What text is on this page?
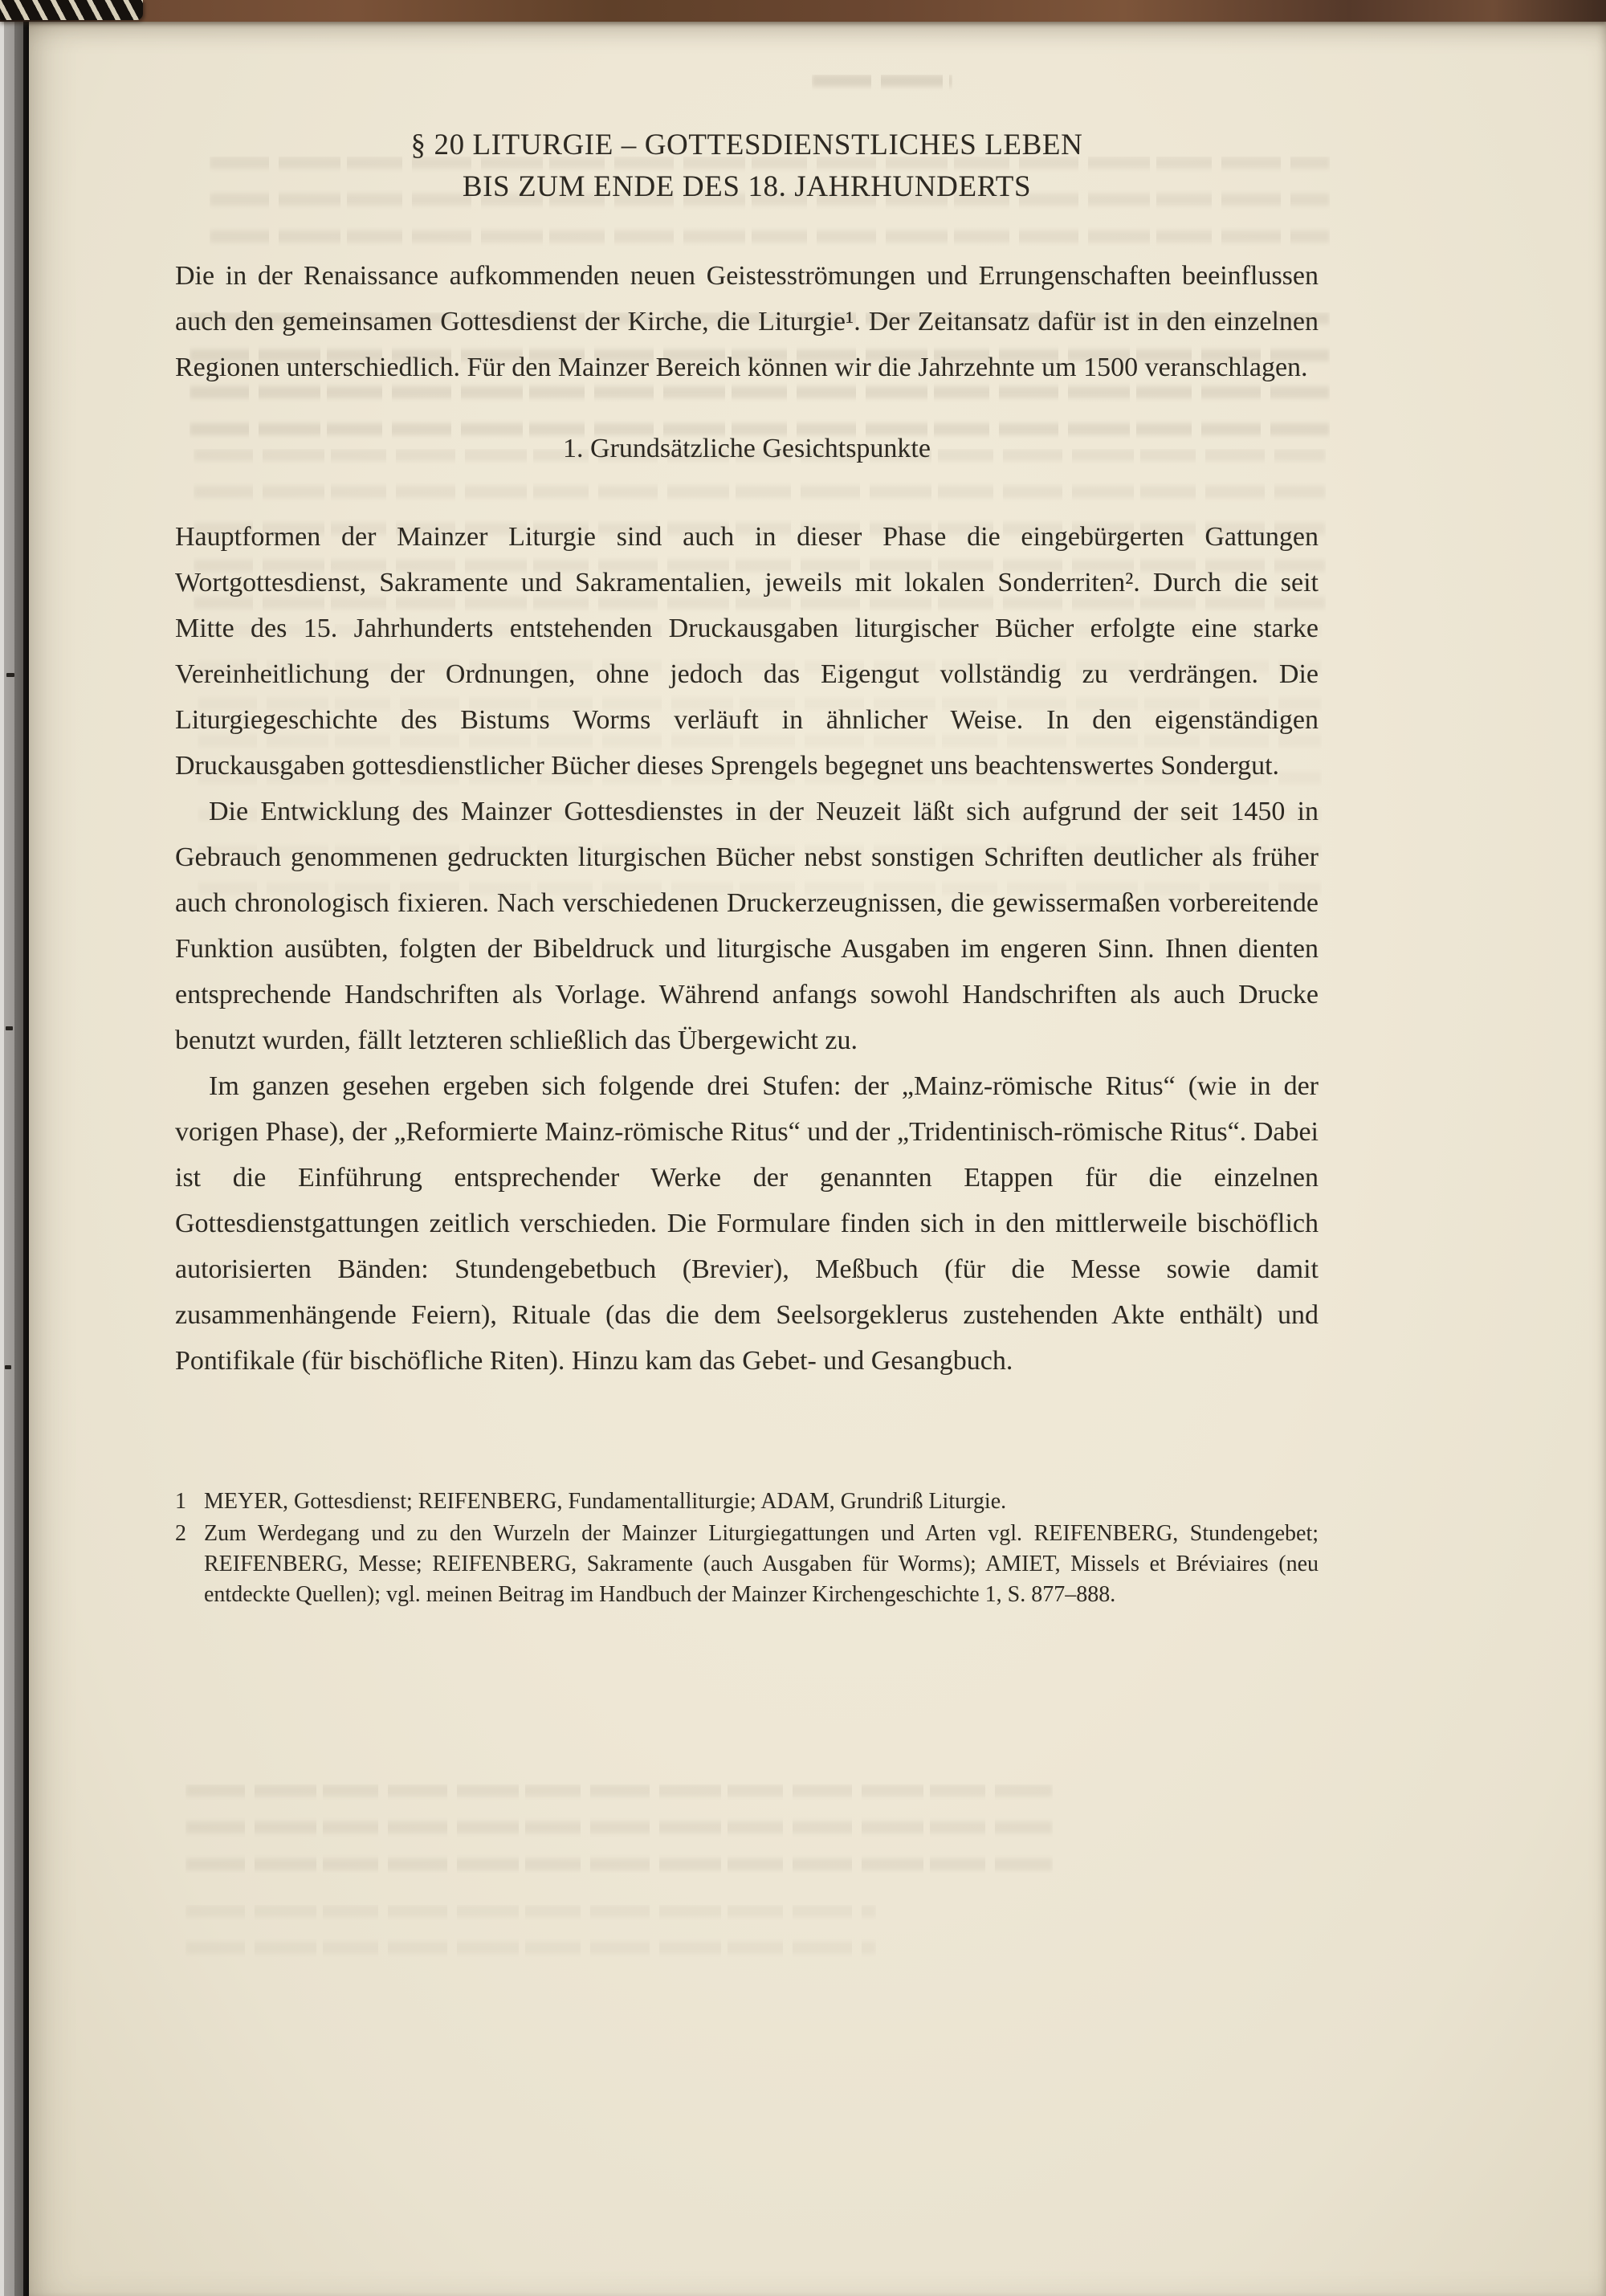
§ 20 LITURGIE – GOTTESDIENSTLICHES LEBEN
BIS ZUM ENDE DES 18. JAHRHUNDERTS

Die in der Renaissance aufkommenden neuen Geistesströmungen und Errungenschaften beeinflussen auch den gemeinsamen Gottesdienst der Kirche, die Liturgie¹. Der Zeitansatz dafür ist in den einzelnen Regionen unterschiedlich. Für den Mainzer Bereich können wir die Jahrzehnte um 1500 veranschlagen.

1. Grundsätzliche Gesichtspunkte

Hauptformen der Mainzer Liturgie sind auch in dieser Phase die eingebürgerten Gattungen Wortgottesdienst, Sakramente und Sakramentalien, jeweils mit lokalen Sonderriten². Durch die seit Mitte des 15. Jahrhunderts entstehenden Druckausgaben liturgischer Bücher erfolgte eine starke Vereinheitlichung der Ordnungen, ohne jedoch das Eigengut vollständig zu verdrängen. Die Liturgiegeschichte des Bistums Worms verläuft in ähnlicher Weise. In den eigenständigen Druckausgaben gottesdienstlicher Bücher dieses Sprengels begegnet uns beachtenswertes Sondergut.

Die Entwicklung des Mainzer Gottesdienstes in der Neuzeit läßt sich aufgrund der seit 1450 in Gebrauch genommenen gedruckten liturgischen Bücher nebst sonstigen Schriften deutlicher als früher auch chronologisch fixieren. Nach verschiedenen Druckerzeugnissen, die gewissermaßen vorbereitende Funktion ausübten, folgten der Bibeldruck und liturgische Ausgaben im engeren Sinn. Ihnen dienten entsprechende Handschriften als Vorlage. Während anfangs sowohl Handschriften als auch Drucke benutzt wurden, fällt letzteren schließlich das Übergewicht zu.

Im ganzen gesehen ergeben sich folgende drei Stufen: der „Mainz-römische Ritus“ (wie in der vorigen Phase), der „Reformierte Mainz-römische Ritus“ und der „Tridentinisch-römische Ritus“. Dabei ist die Einführung entsprechender Werke der genannten Etappen für die einzelnen Gottesdienstgattungen zeitlich verschieden. Die Formulare finden sich in den mittlerweile bischöflich autorisierten Bänden: Stundengebetbuch (Brevier), Meßbuch (für die Messe sowie damit zusammenhängende Feiern), Rituale (das die dem Seelsorgeklerus zustehenden Akte enthält) und Pontifikale (für bischöfliche Riten). Hinzu kam das Gebet- und Gesangbuch.

1 MEYER, Gottesdienst; REIFENBERG, Fundamentalliturgie; ADAM, Grundriß Liturgie.
2 Zum Werdegang und zu den Wurzeln der Mainzer Liturgiegattungen und Arten vgl. REIFENBERG, Stundengebet; REIFENBERG, Messe; REIFENBERG, Sakramente (auch Ausgaben für Worms); AMIET, Missels et Bréviaires (neu entdeckte Quellen); vgl. meinen Beitrag im Handbuch der Mainzer Kirchengeschichte 1, S. 877–888.
